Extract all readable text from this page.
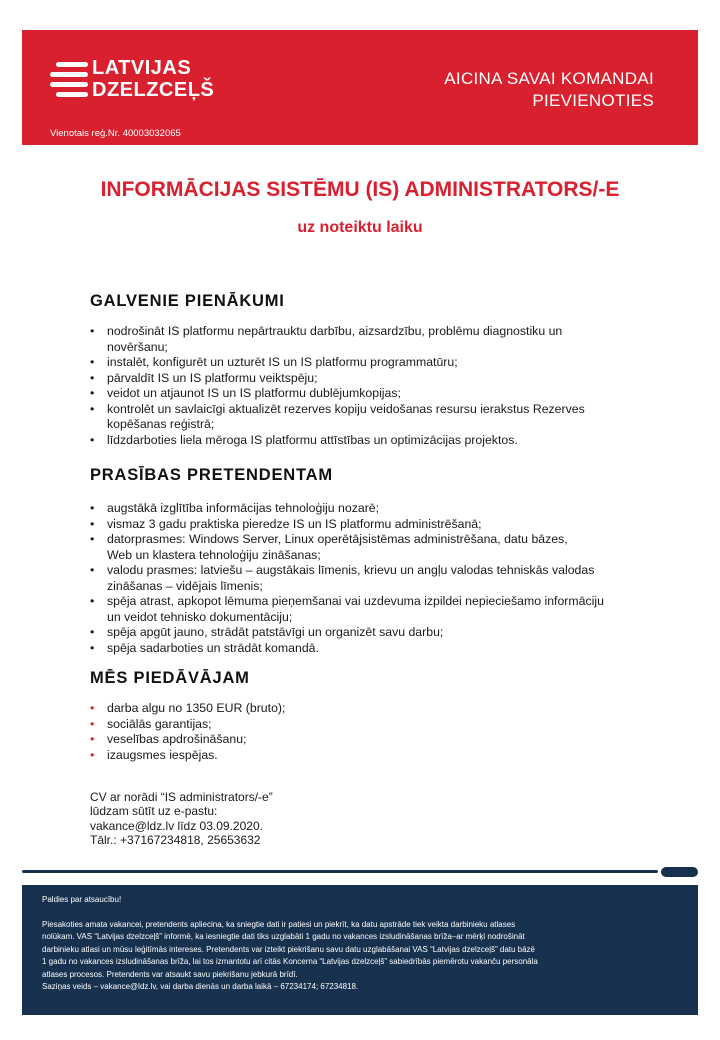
LATVIJAS
DZELZCEĻŠ
Vienotais reģ.Nr. 40003032065
AICINA SAVAI KOMANDAI
PIEVIENOTIES
INFORMĀCIJAS SISTĒMU (IS) ADMINISTRATORS/-E
uz noteiktu laiku
GALVENIE PIENĀKUMI
• nodrošināt IS platformu nepārtrauktu darbību, aizsardzību, problēmu diagnostiku un
novēršanu;
• instalēt, konfigurēt un uzturēt IS un IS platformu programmatūru;
• pārvaldīt IS un IS platformu veiktspēju;
• veidot un atjaunot IS un IS platformu dublējumkopijas;
• kontrolēt un savlaicīgi aktualizēt rezerves kopiju veidošanas resursu ierakstus Rezerves
kopēšanas reģistrā;
• līdzdarboties liela mēroga IS platformu attīstības un optimizācijas projektos.
PRASĪBAS PRETENDENTAM
• augstākā izglītība informācijas tehnoloģiju nozarē;
• vismaz 3 gadu praktiska pieredze IS un IS platformu administrēšanā;
• datorprasmes: Windows Server, Linux operētājsistēmas administrēšana, datu bāzes,
Web un klastera tehnoloģiju zināšanas;
• valodu prasmes: latviešu – augstākais līmenis, krievu un angļu valodas tehniskās valodas
zināšanas – vidējais līmenis;
• spēja atrast, apkopot lēmuma pieņemšanai vai uzdevuma izpildei nepieciešamo informāciju
un veidot tehnisko dokumentāciju;
• spēja apgūt jauno, strādāt patstāvīgi un organizēt savu darbu;
• spēja sadarboties un strādāt komandā.
MĒS PIEDĀVĀJAM
• darba algu no 1350 EUR (bruto);
• sociālās garantijas;
• veselības apdrošināšanu;
• izaugsmes iespējas.
CV ar norādi “IS administrators/-e”
lūdzam sūtīt uz e-pastu:
vakance@ldz.lv līdz 03.09.2020.
Tālr.: +37167234818, 25653632

Paldies par atsaucību!

Piesakoties amata vakancei, pretendents apliecina, ka sniegtie dati ir patiesi un piekrīt, ka datu apstrāde tiek veikta darbinieku atlases

nolūkam. VAS “Latvijas dzelzceļš” informē, ka iesniegtie dati tiks uzglabāti 1 gadu no vakances izsludināšanas brīža–ar mērķi nodrošināt

darbinieku atlasi un mūsu leģitīmās intereses. Pretendents var izteikt piekrišanu savu datu uzglabāšanai VAS “Latvijas dzelzceļš” datu bāzē

1 gadu no vakances izsludināšanas brīža, lai tos izmantotu arī citās Koncerna “Latvijas dzelzceļš” sabiedrībās piemērotu vakanču personāla

atlases procesos. Pretendents var atsaukt savu piekrišanu jebkurā brīdī.

Saziņas veids – vakance@ldz.lv, vai darba dienās un darba laikā – 67234174; 67234818.
